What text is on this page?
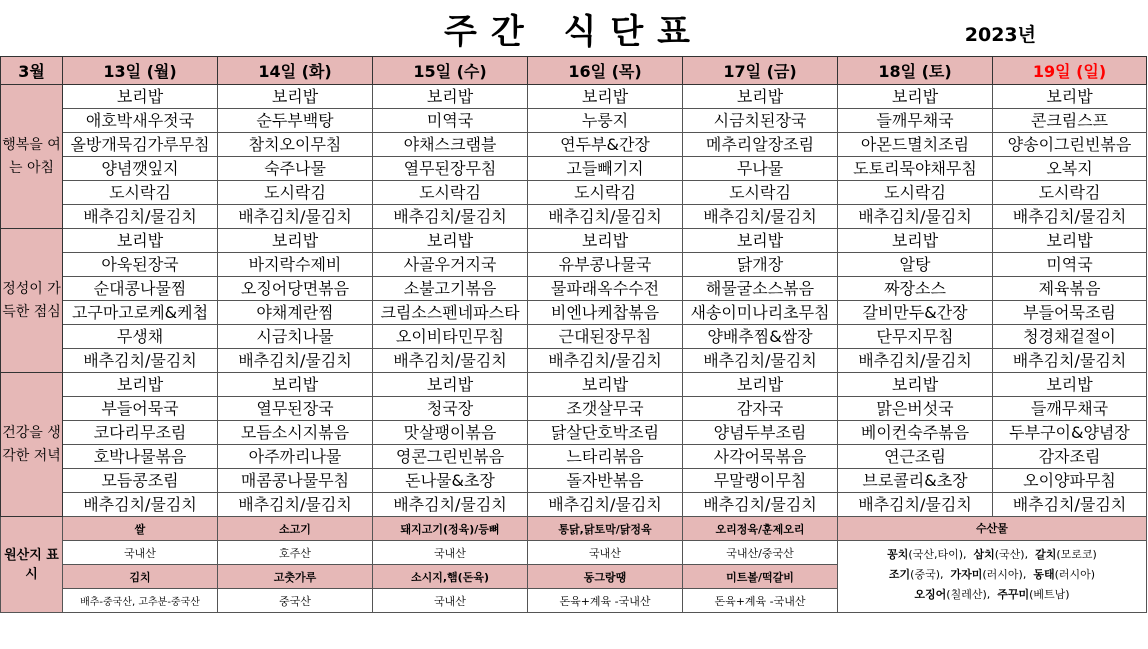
주간 식단표	2023년
3월	13일 (월)	14일 (화)	15일 (수)	16일 (목)	17일 (금)	18일 (토)	19일 (일)
행복을 여는 아침	보리밥	보리밥	보리밥	보리밥	보리밥	보리밥	보리밥
	애호박새우젓국	순두부백탕	미역국	누룽지	시금치된장국	들깨무채국	콘크림스프
	올방개묵김가루무침	참치오이무침	야채스크램블	연두부&간장	메추리알장조림	아몬드멸치조림	양송이그린빈볶음
	양념깻잎지	숙주나물	열무된장무침	고들빼기지	무나물	도토리묵야채무침	오복지
	도시락김	도시락김	도시락김	도시락김	도시락김	도시락김	도시락김
	배추김치/물김치	배추김치/물김치	배추김치/물김치	배추김치/물김치	배추김치/물김치	배추김치/물김치	배추김치/물김치
정성이 가득한 점심	보리밥	보리밥	보리밥	보리밥	보리밥	보리밥	보리밥
	아욱된장국	바지락수제비	사골우거지국	유부콩나물국	닭개장	알탕	미역국
	순대콩나물찜	오징어당면볶음	소불고기볶음	물파래옥수수전	해물굴소스볶음	짜장소스	제육볶음
	고구마고로케&케첩	야채계란찜	크림소스펜네파스타	비엔나케찹볶음	새송이미나리초무침	갈비만두&간장	부들어묵조림
	무생채	시금치나물	오이비타민무침	근대된장무침	양배추찜&쌈장	단무지무침	청경채겉절이
	배추김치/물김치	배추김치/물김치	배추김치/물김치	배추김치/물김치	배추김치/물김치	배추김치/물김치	배추김치/물김치
건강을 생각한 저녁	보리밥	보리밥	보리밥	보리밥	보리밥	보리밥	보리밥
	부들어묵국	열무된장국	청국장	조갯살무국	감자국	맑은버섯국	들깨무채국
	코다리무조림	모듬소시지볶음	맛살팽이볶음	닭살단호박조림	양념두부조림	베이컨숙주볶음	두부구이&양념장
	호박나물볶음	아주까리나물	영콘그린빈볶음	느타리볶음	사각어묵볶음	연근조림	감자조림
	모듬콩조림	매콤콩나물무침	돈나물&초장	돌자반볶음	무말랭이무침	브로콜리&초장	오이양파무침
	배추김치/물김치	배추김치/물김치	배추김치/물김치	배추김치/물김치	배추김치/물김치	배추김치/물김치	배추김치/물김치
원산지 표시	쌀	소고기	돼지고기(정육)/등뼈	통닭,닭토막/닭정육	오리정육/훈제오리	수산물
꽁치(국산,타이),  삼치(국산),  갈치(모로코)
조기(중국),  가자미(러시아),  동태(러시아)
오징어(칠레산),  주꾸미(베트남)	

	국내산	호주산	국내산	국내산	국내산/중국산		
	김치	고춧가루	소시지,햄(돈육)	동그랑땡	미트볼/떡갈비		
	배추-중국산, 고추분-중국산	중국산	국내산	돈육+계육 -국내산	돈육+계육 -국내산		
